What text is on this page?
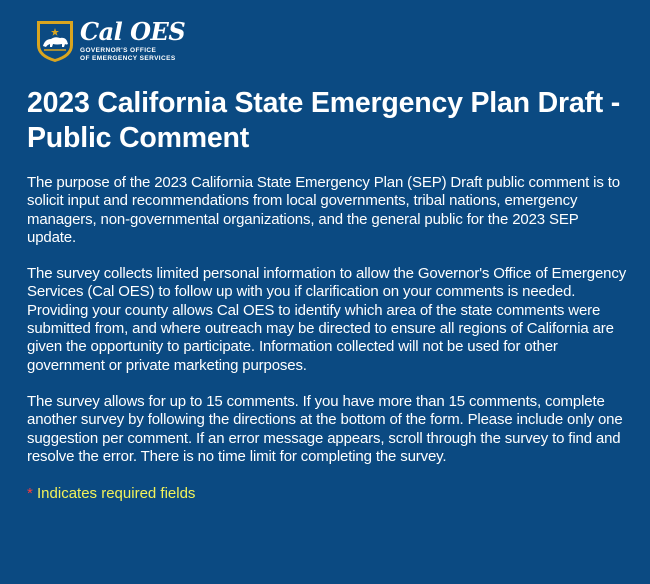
Cal OES
GOVERNOR'S OFFICE
OF EMERGENCY SERVICES
2023 California State Emergency Plan Draft - Public Comment

The purpose of the 2023 California State Emergency Plan (SEP) Draft public comment is to solicit input and recommendations from local governments, tribal nations, emergency managers, non-governmental organizations, and the general public for the 2023 SEP update.

The survey collects limited personal information to allow the Governor's Office of Emergency Services (Cal OES) to follow up with you if clarification on your comments is needed. Providing your county allows Cal OES to identify which area of the state comments were submitted from, and where outreach may be directed to ensure all regions of California are given the opportunity to participate. Information collected will not be used for other government or private marketing purposes.

The survey allows for up to 15 comments. If you have more than 15 comments, complete another survey by following the directions at the bottom of the form. Please include only one suggestion per comment. If an error message appears, scroll through the survey to find and resolve the error. There is no time limit for completing the survey.

* Indicates required fields
